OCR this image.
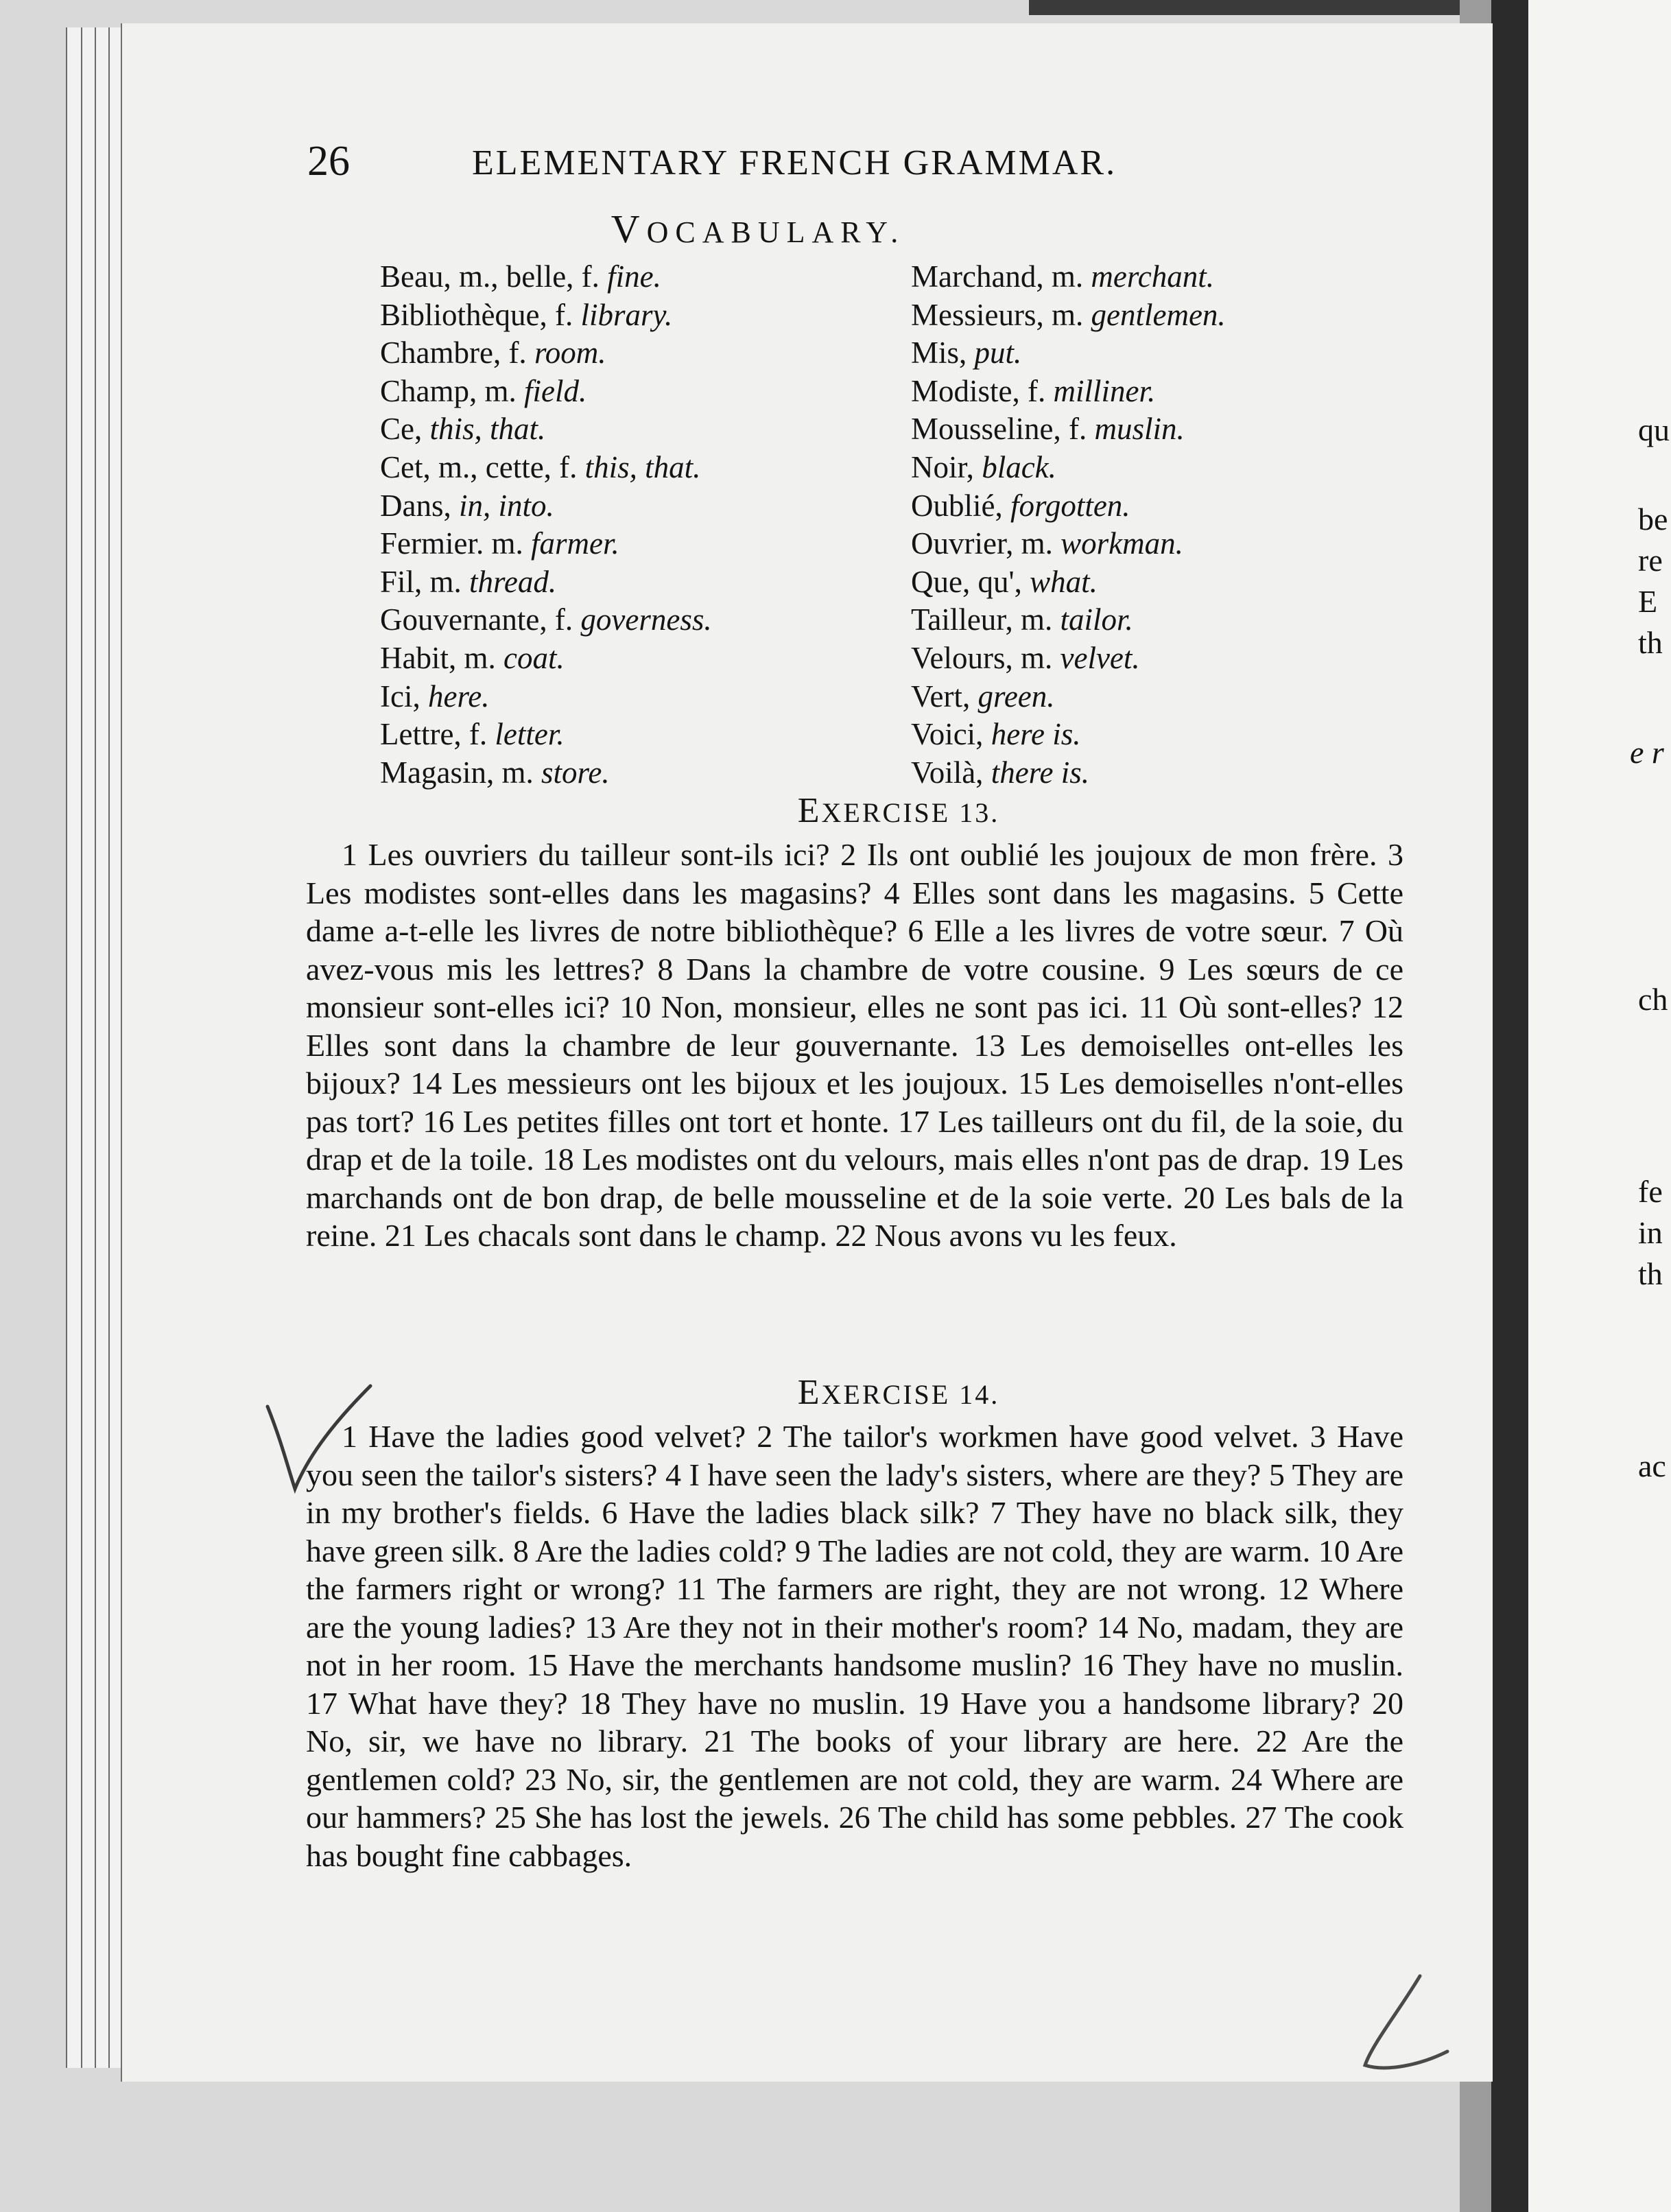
26	ELEMENTARY FRENCH GRAMMAR.
VOCABULARY.
Beau, m., belle, f. fine.
Bibliothèque, f. library.
Chambre, f. room.
Champ, m. field.
Ce, this, that.
Cet, m., cette, f. this, that.
Dans, in, into.
Fermier. m. farmer.
Fil, m. thread.
Gouvernante, f. governess.
Habit, m. coat.
Ici, here.
Lettre, f. letter.
Magasin, m. store.
Marchand, m. merchant.
Messieurs, m. gentlemen.
Mis, put.
Modiste, f. milliner.
Mousseline, f. muslin.
Noir, black.
Oublié, forgotten.
Ouvrier, m. workman.
Que, qu', what.
Tailleur, m. tailor.
Velours, m. velvet.
Vert, green.
Voici, here is.
Voilà, there is.
EXERCISE 13.
1 Les ouvriers du tailleur sont-ils ici? 2 Ils ont oublié les joujoux de mon frère. 3 Les modistes sont-elles dans les magasins? 4 Elles sont dans les magasins. 5 Cette dame a-t-elle les livres de notre bibliothèque? 6 Elle a les livres de votre sœur. 7 Où avez-vous mis les lettres? 8 Dans la chambre de votre cousine. 9 Les sœurs de ce monsieur sont-elles ici? 10 Non, monsieur, elles ne sont pas ici. 11 Où sont-elles? 12 Elles sont dans la chambre de leur gouvernante. 13 Les demoiselles ont-elles les bijoux? 14 Les messieurs ont les bijoux et les joujoux. 15 Les demoiselles n'ont-elles pas tort? 16 Les petites filles ont tort et honte. 17 Les tailleurs ont du fil, de la soie, du drap et de la toile. 18 Les modistes ont du velours, mais elles n'ont pas de drap. 19 Les marchands ont de bon drap, de belle mousseline et de la soie verte. 20 Les bals de la reine. 21 Les chacals sont dans le champ. 22 Nous avons vu les feux.
EXERCISE 14.
1 Have the ladies good velvet? 2 The tailor's workmen have good velvet. 3 Have you seen the tailor's sisters? 4 I have seen the lady's sisters, where are they? 5 They are in my brother's fields. 6 Have the ladies black silk? 7 They have no black silk, they have green silk. 8 Are the ladies cold? 9 The ladies are not cold, they are warm. 10 Are the farmers right or wrong? 11 The farmers are right, they are not wrong. 12 Where are the young ladies? 13 Are they not in their mother's room? 14 No, madam, they are not in her room. 15 Have the merchants handsome muslin? 16 They have no muslin. 17 What have they? 18 They have no muslin. 19 Have you a handsome library? 20 No, sir, we have no library. 21 The books of your library are here. 22 Are the gentlemen cold? 23 No, sir, the gentlemen are not cold, they are warm. 24 Where are our hammers? 25 She has lost the jewels. 26 The child has some pebbles. 27 The cook has bought fine cabbages.
qu
be
re
E
th
e r
ch
fe
in
th
ac
